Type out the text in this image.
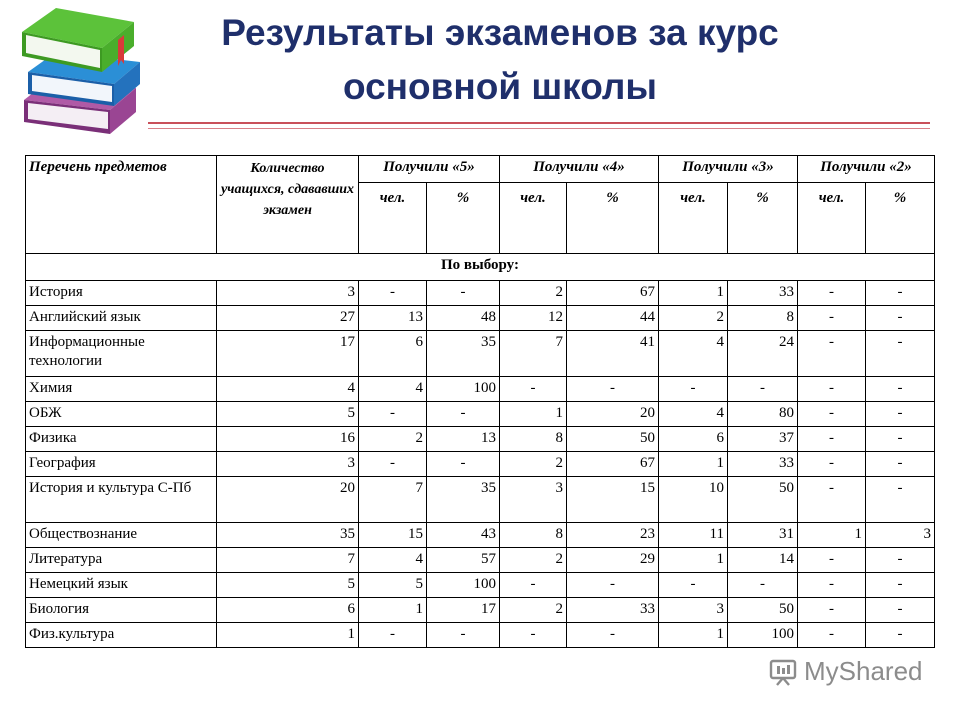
Результаты экзаменов за курс основной школы
Перечень предметов	Количество учащихся, сдававших экзамен	Получили «5»		Получили «4»		Получили «3»		Получили «2»	
		чел.	%	чел.	%	чел.	%	чел.	%
По выбору:									
История	3	-	-	2	67	1	33	-	-
Английский язык	27	13	48	12	44	2	8	-	-
Информационные технологии	17	6	35	7	41	4	24	-	-
Химия	4	4	100	-	-	-	-	-	-
ОБЖ	5	-	-	1	20	4	80	-	-
Физика	16	2	13	8	50	6	37	-	-
География	3	-	-	2	67	1	33	-	-
История и культура С-Пб	20	7	35	3	15	10	50	-	-
Обществознание	35	15	43	8	23	11	31	1	3
Литература	7	4	57	2	29	1	14	-	-
Немецкий язык	5	5	100	-	-	-	-	-	-
Биология	6	1	17	2	33	3	50	-	-
Физ.культура	1	-	-	-	-	1	100	-	-
MyShared
